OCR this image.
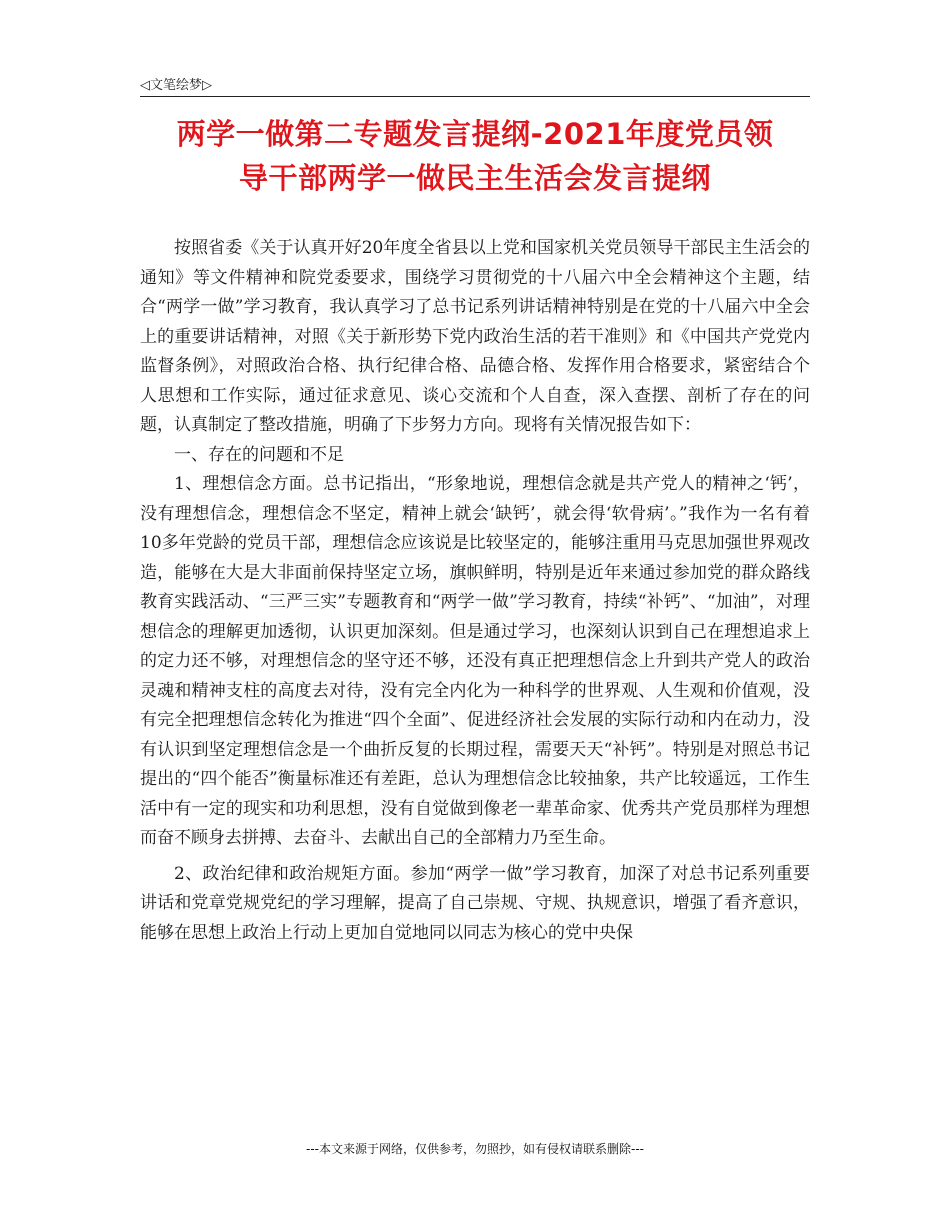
◁文笔绘梦▷
两学一做第二专题发言提纲-2021年度党员领
导干部两学一做民主生活会发言提纲

按照省委《关于认真开好20年度全省县以上党和国家机关党员领导干部民主生活会的通知》等文件精神和院党委要求，围绕学习贯彻党的十八届六中全会精神这个主题，结合“两学一做”学习教育，我认真学习了总书记系列讲话精神特别是在党的十八届六中全会上的重要讲话精神，对照《关于新形势下党内政治生活的若干准则》和《中国共产党党内监督条例》，对照政治合格、执行纪律合格、品德合格、发挥作用合格要求，紧密结合个人思想和工作实际，通过征求意见、谈心交流和个人自查，深入查摆、剖析了存在的问题，认真制定了整改措施，明确了下步努力方向。现将有关情况报告如下：

一、存在的问题和不足

1、理想信念方面。总书记指出，“形象地说，理想信念就是共产党人的精神之‘钙’，没有理想信念，理想信念不坚定，精神上就会‘缺钙’，就会得‘软骨病’。”我作为一名有着10多年党龄的党员干部，理想信念应该说是比较坚定的，能够注重用马克思加强世界观改造，能够在大是大非面前保持坚定立场，旗帜鲜明，特别是近年来通过参加党的群众路线教育实践活动、“三严三实”专题教育和“两学一做”学习教育，持续“补钙”、“加油”，对理想信念的理解更加透彻，认识更加深刻。但是通过学习，也深刻认识到自己在理想追求上的定力还不够，对理想信念的坚守还不够，还没有真正把理想信念上升到共产党人的政治灵魂和精神支柱的高度去对待，没有完全内化为一种科学的世界观、人生观和价值观，没有完全把理想信念转化为推进“四个全面”、促进经济社会发展的实际行动和内在动力，没有认识到坚定理想信念是一个曲折反复的长期过程，需要天天“补钙”。特别是对照总书记提出的“四个能否”衡量标准还有差距，总认为理想信念比较抽象，共产比较遥远，工作生活中有一定的现实和功利思想，没有自觉做到像老一辈革命家、优秀共产党员那样为理想而奋不顾身去拼搏、去奋斗、去献出自己的全部精力乃至生命。

2、政治纪律和政治规矩方面。参加“两学一做”学习教育，加深了对总书记系列重要讲话和党章党规党纪的学习理解，提高了自己崇规、守规、执规意识，增强了看齐意识，能够在思想上政治上行动上更加自觉地同以同志为核心的党中央保

---本文来源于网络，仅供参考，勿照抄，如有侵权请联系删除---
